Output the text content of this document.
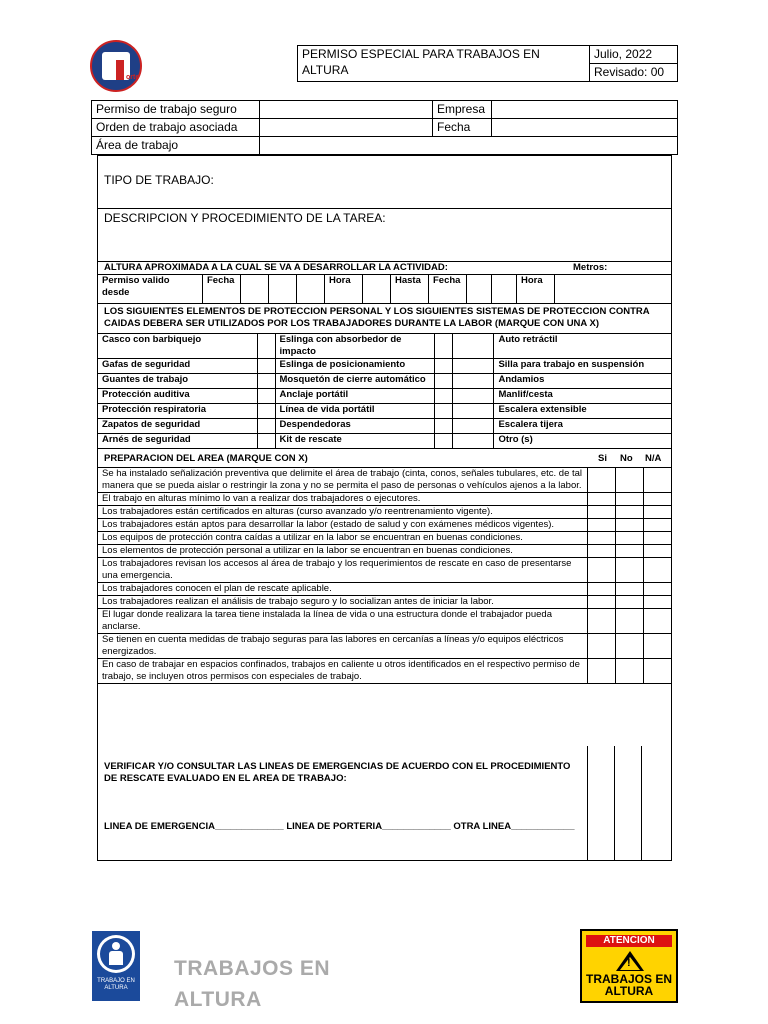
orte
PERMISO ESPECIAL PARA TRABAJOS EN ALTURA	Julio, 2022
Revisado: 00
Permiso de trabajo seguro		Empresa	
Orden de trabajo asociada		Fecha	
Área de trabajo			
TIPO DE TRABAJO:
DESCRIPCION Y PROCEDIMIENTO DE LA TAREA:
ALTURA APROXIMADA A LA CUAL SE VA A DESARROLLAR LA ACTIVIDAD:	Metros:
Permiso valido desde	Fecha				Hora		Hasta	Fecha			Hora	
LOS SIGUIENTES ELEMENTOS DE PROTECCION PERSONAL Y LOS SIGUIENTES SISTEMAS DE PROTECCION CONTRA CAIDAS DEBERA SER UTILIZADOS POR LOS TRABAJADORES DURANTE LA LABOR (MARQUE CON UNA X)
Casco con barbiquejo		Eslinga con absorbedor de impacto			Auto retráctil
Gafas de seguridad		Eslinga de posicionamiento			Silla para trabajo en suspensión
Guantes de trabajo		Mosquetón de cierre automático			Andamios
Protección auditiva		Anclaje portátil			Manlif/cesta
Protección respiratoria		Línea de vida portátil			Escalera extensible
Zapatos de seguridad		Despendedoras			Escalera tijera
Arnés de seguridad		Kit de rescate			Otro (s)
PREPARACION DEL AREA (MARQUE CON X)	Si No N/A
Se ha instalado señalización preventiva que delimite el área de trabajo (cinta, conos, señales tubulares, etc. de tal manera que se pueda aislar o restringir la zona y no se permita el paso de personas o vehículos ajenos a la labor.			
El trabajo en alturas mínimo lo van a realizar dos trabajadores o ejecutores.			
Los trabajadores están certificados en alturas (curso avanzado y/o reentrenamiento vigente).			
Los trabajadores están aptos para desarrollar la labor (estado de salud y con exámenes médicos vigentes).			
Los equipos de protección contra caídas a utilizar en la labor se encuentran en buenas condiciones.			
Los elementos de protección personal a utilizar en la labor se encuentran en buenas condiciones.			
Los trabajadores revisan los accesos al área de trabajo y los requerimientos de rescate en caso de presentarse una emergencia.			
Los trabajadores conocen el plan de rescate aplicable.			
Los trabajadores realizan el análisis de trabajo seguro y lo socializan antes de iniciar la labor.			
El lugar donde realizara la tarea tiene instalada la línea de vida o una estructura donde el trabajador pueda anclarse.			
Se tienen en cuenta medidas de trabajo seguras para las labores en cercanías a líneas y/o equipos eléctricos energizados.			
En caso de trabajar en espacios confinados, trabajos en caliente u otros identificados en el respectivo permiso de trabajo, se incluyen otros permisos con especiales de trabajo.			
VERIFICAR Y/O CONSULTAR LAS LINEAS DE EMERGENCIAS DE ACUERDO CON EL PROCEDIMIENTO DE RESCATE EVALUADO EN EL AREA DE TRABAJO:
LINEA DE EMERGENCIA_____________ LINEA DE PORTERIA_____________ OTRA LINEA____________
TRABAJO EN ALTURA
TRABAJOS EN
ALTURA
ATENCION
!
TRABAJOS EN ALTURA
